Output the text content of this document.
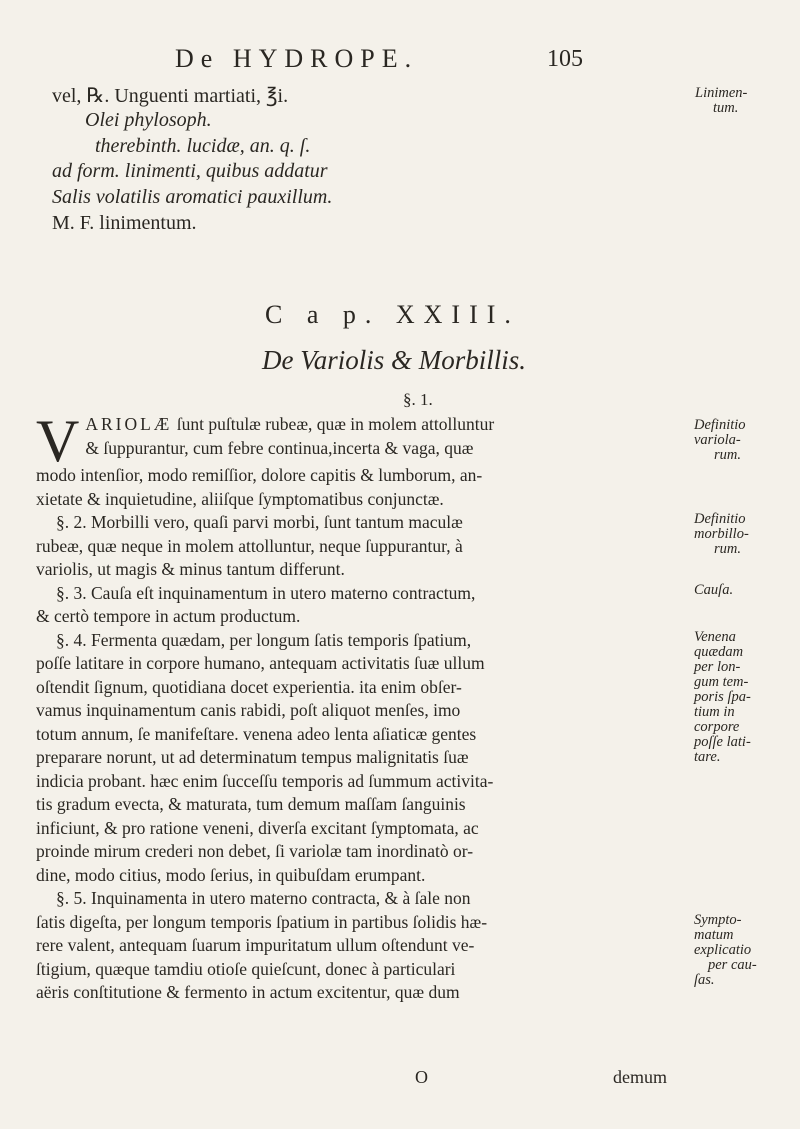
De HYDROPE.	105
vel, ℞. Unguenti martiati, ℥i.
Olei phylosoph.
therebinth. lucidæ, an. q. ſ.
ad form. linimenti, quibus addatur
Salis volatilis aromatici pauxillum.
M. F. linimentum.
Linimen-
tum.
C a p. XXIII.
De Variolis & Morbillis.
§. 1.
V ARIOLÆ ſunt puſtulæ rubeæ, quæ in molem attolluntur
& ſuppurantur, cum febre continua,incerta & vaga, quæ
modo intenſior, modo remiſſior, dolore capitis & lumborum, an-
xietate & inquietudine, aliiſque ſymptomatibus conjunctæ.
§. 2. Morbilli vero, quaſi parvi morbi, ſunt tantum maculæ
rubeæ, quæ neque in molem attolluntur, neque ſuppurantur, à
variolis, ut magis & minus tantum differunt.
§. 3. Cauſa eſt inquinamentum in utero materno contractum,
& certò tempore in actum productum.
§. 4. Fermenta quædam, per longum ſatis temporis ſpatium,
poſſe latitare in corpore humano, antequam activitatis ſuæ ullum
oſtendit ſignum, quotidiana docet experientia. ita enim obſer-
vamus inquinamentum canis rabidi, poſt aliquot menſes, imo
totum annum, ſe manifeſtare. venena adeo lenta aſiaticæ gentes
preparare norunt, ut ad determinatum tempus malignitatis ſuæ
indicia probant. hæc enim ſucceſſu temporis ad ſummum activita-
tis gradum evecta, & maturata, tum demum maſſam ſanguinis
inficiunt, & pro ratione veneni, diverſa excitant ſymptomata, ac
proinde mirum crederi non debet, ſi variolæ tam inordinatò or-
dine, modo citius, modo ſerius, in quibuſdam erumpant.
§. 5. Inquinamenta in utero materno contracta, & à ſale non
ſatis digeſta, per longum temporis ſpatium in partibus ſolidis hæ-
rere valent, antequam ſuarum impuritatum ullum oſtendunt ve-
ſtigium, quæque tamdiu otioſe quieſcunt, donec à particulari
aëris conſtitutione & fermento in actum excitentur, quæ dum
Definitio
variola-
rum.
Definitio
morbillo-
rum.
Cauſa.
Venena
quædam
per lon-
gum tem-
poris ſpa-
tium in
corpore
poſſe lati-
tare.
Sympto-
matum
explicatio
per cau-
ſas.
O	demum
